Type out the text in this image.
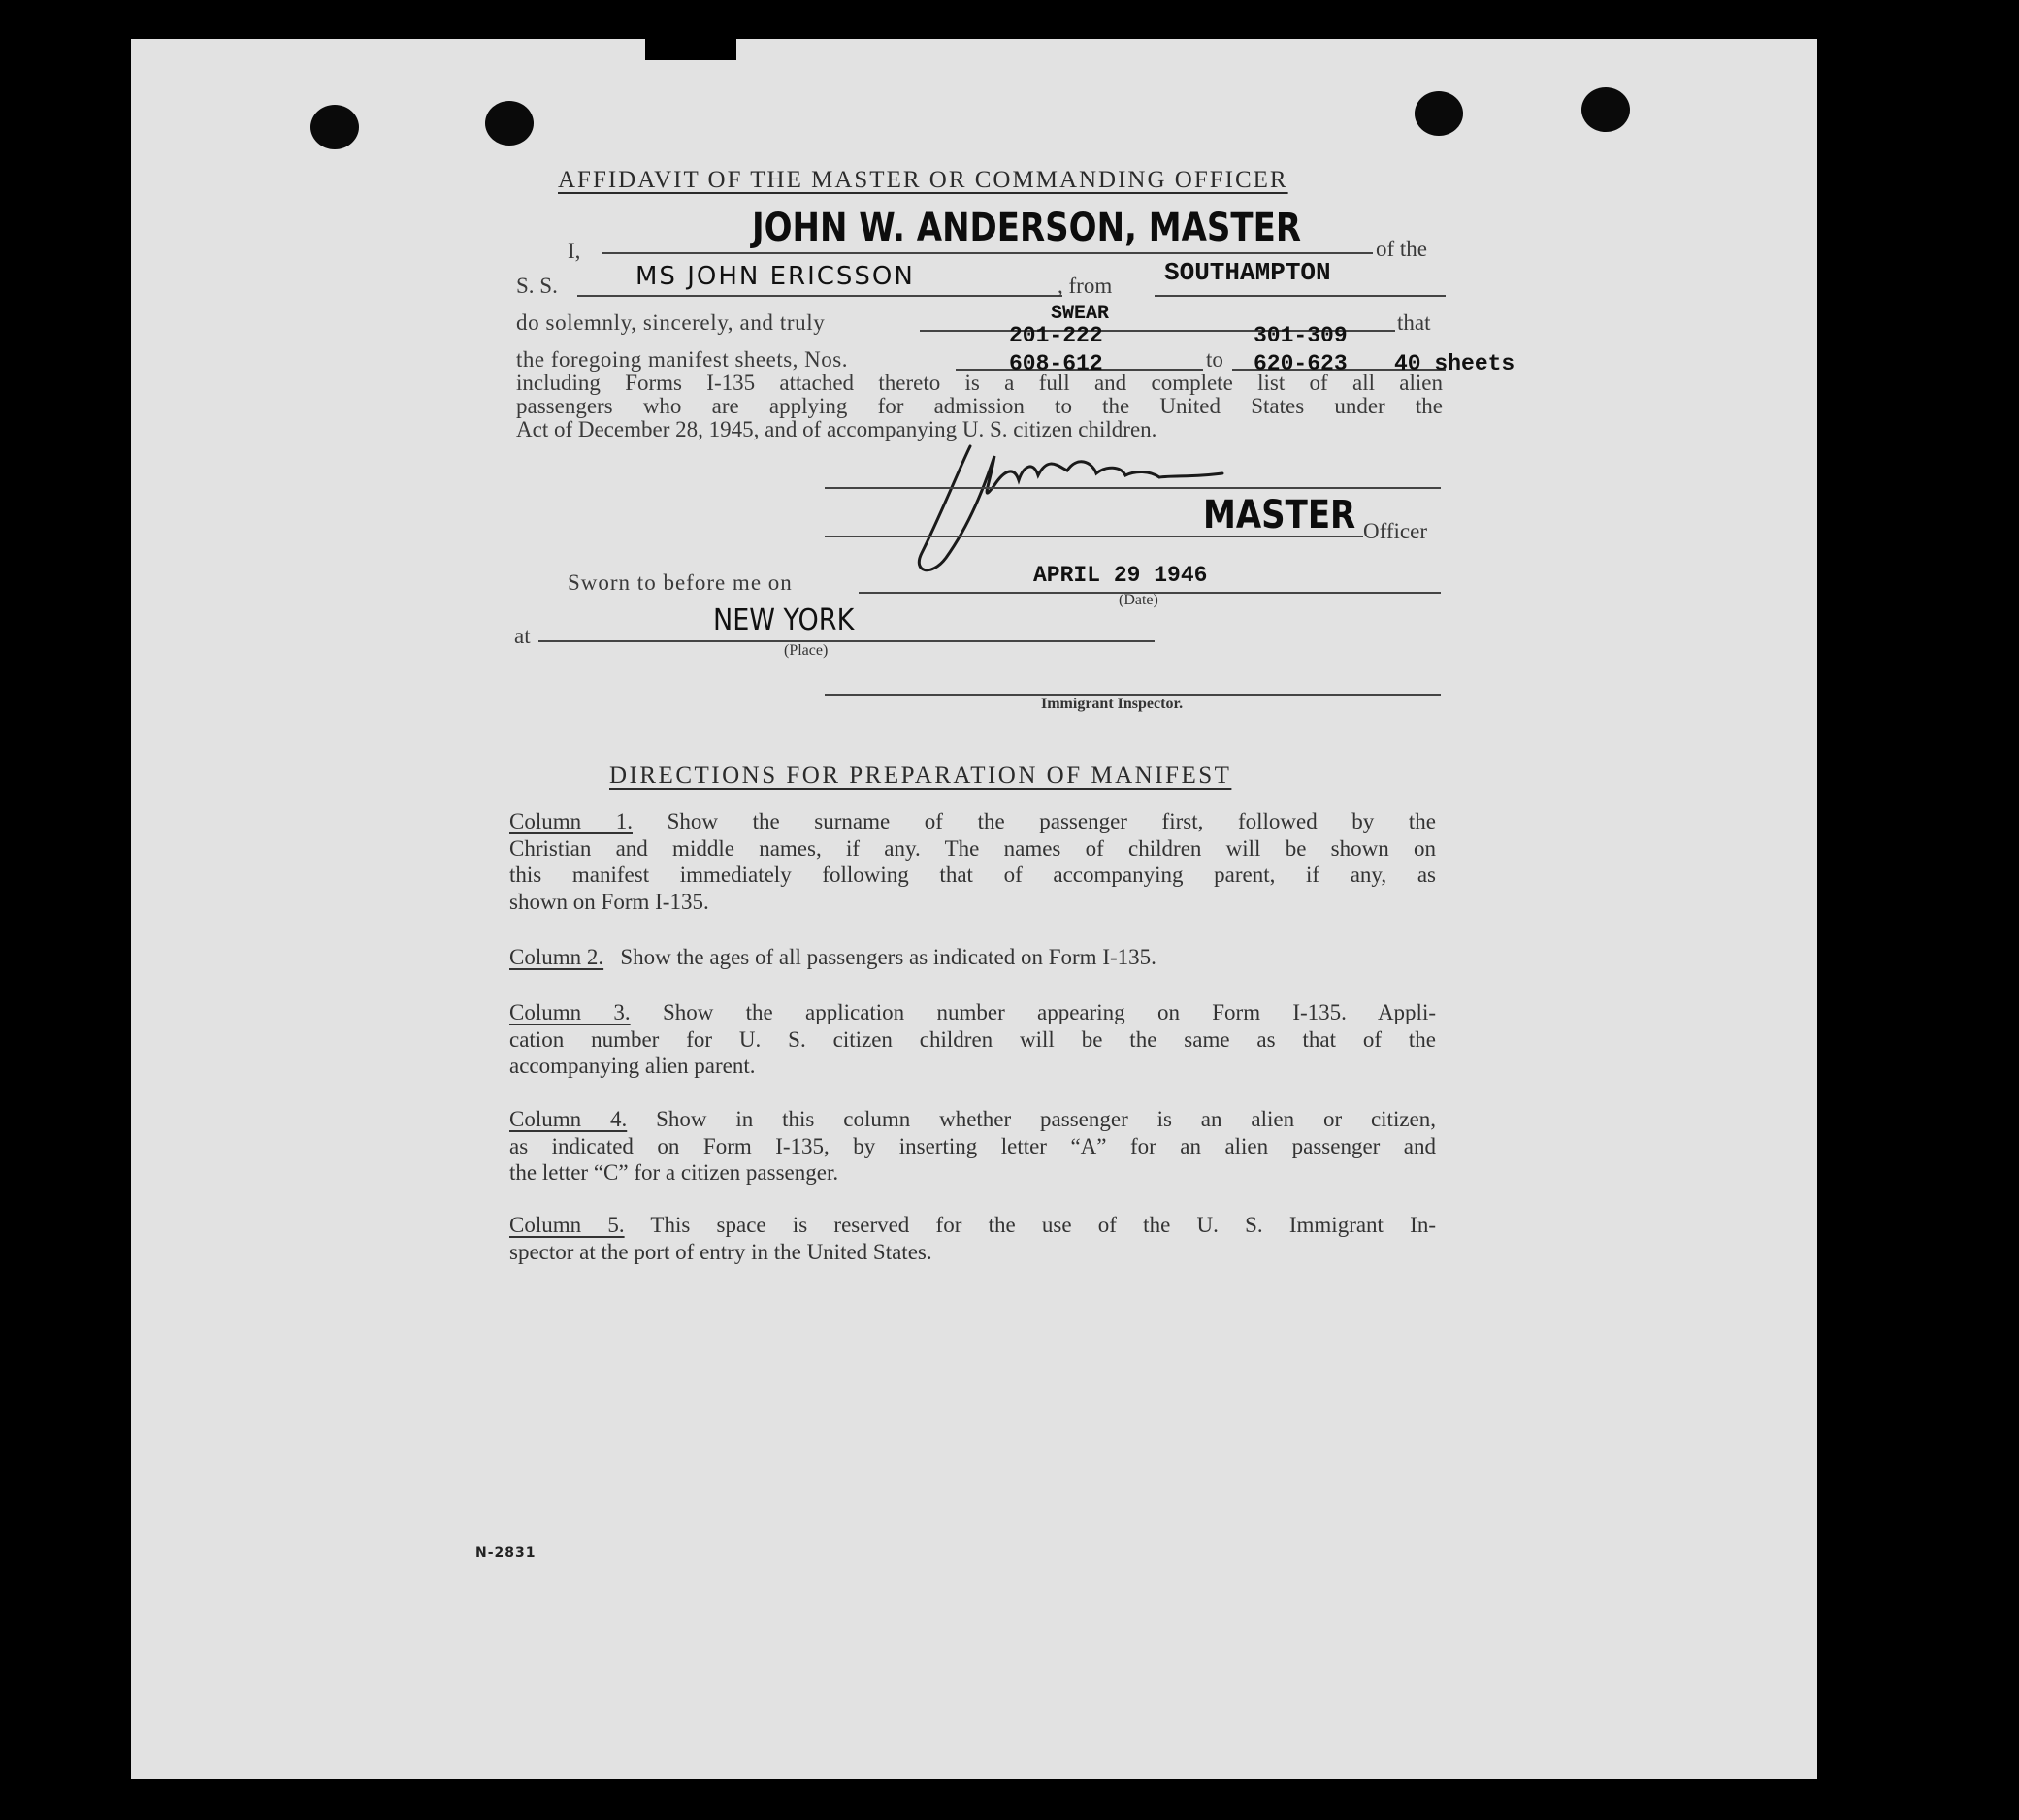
AFFIDAVIT OF THE MASTER OR COMMANDING OFFICER
I,
JOHN W. ANDERSON, MASTER	of the
S. S.	MS JOHN ERICSSON	, from SOUTHAMPTON
do solemnly, sincerely, and truly	SWEAR
201-222	301-309
that
the foregoing manifest sheets, Nos.	608-612	to 620-623 40 sheets
including Forms I-135 attached thereto is a full and complete list of all alien
passengers who are applying for admission to the United States under the
Act of December 28, 1945, and of accompanying U. S. citizen children.
MASTER Officer
Sworn to before me on	APRIL 29 1946
(Date)
at	NEW YORK
(Place)
Immigrant Inspector.
DIRECTIONS FOR PREPARATION OF MANIFEST
Column 1. Show the surname of the passenger first, followed by the
Christian and middle names, if any. The names of children will be shown on
this manifest immediately following that of accompanying parent, if any, as
shown on Form I-135.
Column 2. Show the ages of all passengers as indicated on Form I-135.
Column 3. Show the application number appearing on Form I-135. Appli-
cation number for U. S. citizen children will be the same as that of the
accompanying alien parent.
Column 4. Show in this column whether passenger is an alien or citizen,
as indicated on Form I-135, by inserting letter “A” for an alien passenger and
the letter “C” for a citizen passenger.
Column 5. This space is reserved for the use of the U. S. Immigrant In-
spector at the port of entry in the United States.
N-2831
